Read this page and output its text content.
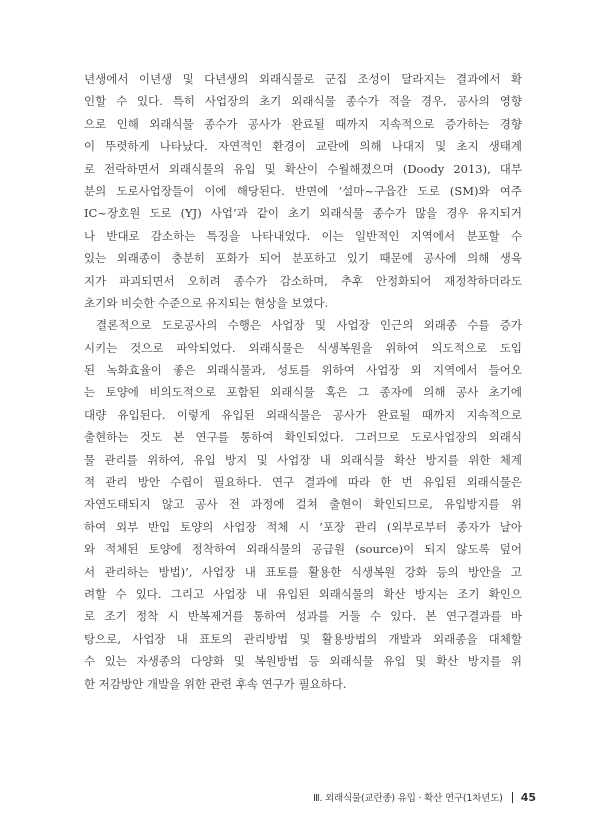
년생에서 이년생 및 다년생의 외래식물로 군집 조성이 달라지는 결과에서 확
인할 수 있다. 특히 사업장의 초기 외래식물 종수가 적을 경우, 공사의 영향
으로 인해 외래식물 종수가 공사가 완료될 때까지 지속적으로 증가하는 경향
이 뚜렷하게 나타났다. 자연적인 환경이 교란에 의해 나대지 및 초지 생태계
로 전락하면서 외래식물의 유입 및 확산이 수월해졌으며 (Doody 2013), 대부
분의 도로사업장들이 이에 해당된다. 반면에 ‘설마~구읍간 도로 (SM)와 여주
IC~장호원 도로 (YJ) 사업’과 같이 초기 외래식물 종수가 많을 경우 유지되거
나 반대로 감소하는 특징을 나타내었다. 이는 일반적인 지역에서 분포할 수
있는 외래종이 충분히 포화가 되어 분포하고 있기 때문에 공사에 의해 생육
지가 파괴되면서 오히려 종수가 감소하며, 추후 안정화되어 재정착하더라도
초기와 비슷한 수준으로 유지되는 현상을 보였다.
결론적으로 도로공사의 수행은 사업장 및 사업장 인근의 외래종 수를 증가
시키는 것으로 파악되었다. 외래식물은 식생복원을 위하여 의도적으로 도입
된 녹화효율이 좋은 외래식물과, 성토를 위하여 사업장 외 지역에서 들어오
는 토양에 비의도적으로 포함된 외래식물 혹은 그 종자에 의해 공사 초기에
대량 유입된다. 이렇게 유입된 외래식물은 공사가 완료될 때까지 지속적으로
출현하는 것도 본 연구를 통하여 확인되었다. 그러므로 도로사업장의 외래식
물 관리를 위하여, 유입 방지 및 사업장 내 외래식물 확산 방지를 위한 체계
적 관리 방안 수립이 필요하다. 연구 결과에 따라 한 번 유입된 외래식물은
자연도태되지 않고 공사 전 과정에 걸쳐 출현이 확인되므로, 유입방지를 위
하여 외부 반입 토양의 사업장 적체 시 ‘포장 관리 (외부로부터 종자가 날아
와 적체된 토양에 정착하여 외래식물의 공급원 (source)이 되지 않도록 덮어
서 관리하는 방법)’, 사업장 내 표토를 활용한 식생복원 강화 등의 방안을 고
려할 수 있다. 그리고 사업장 내 유입된 외래식물의 확산 방지는 조기 확인으
로 조기 정착 시 반복제거를 통하여 성과를 거둘 수 있다. 본 연구결과를 바
탕으로, 사업장 내 표토의 관리방법 및 활용방법의 개발과 외래종을 대체할
수 있는 자생종의 다양화 및 복원방법 등 외래식물 유입 및 확산 방지를 위
한 저감방안 개발을 위한 관련 후속 연구가 필요하다.
Ⅲ. 외래식물(교란종) 유입 · 확산 연구(1차년도) 45
